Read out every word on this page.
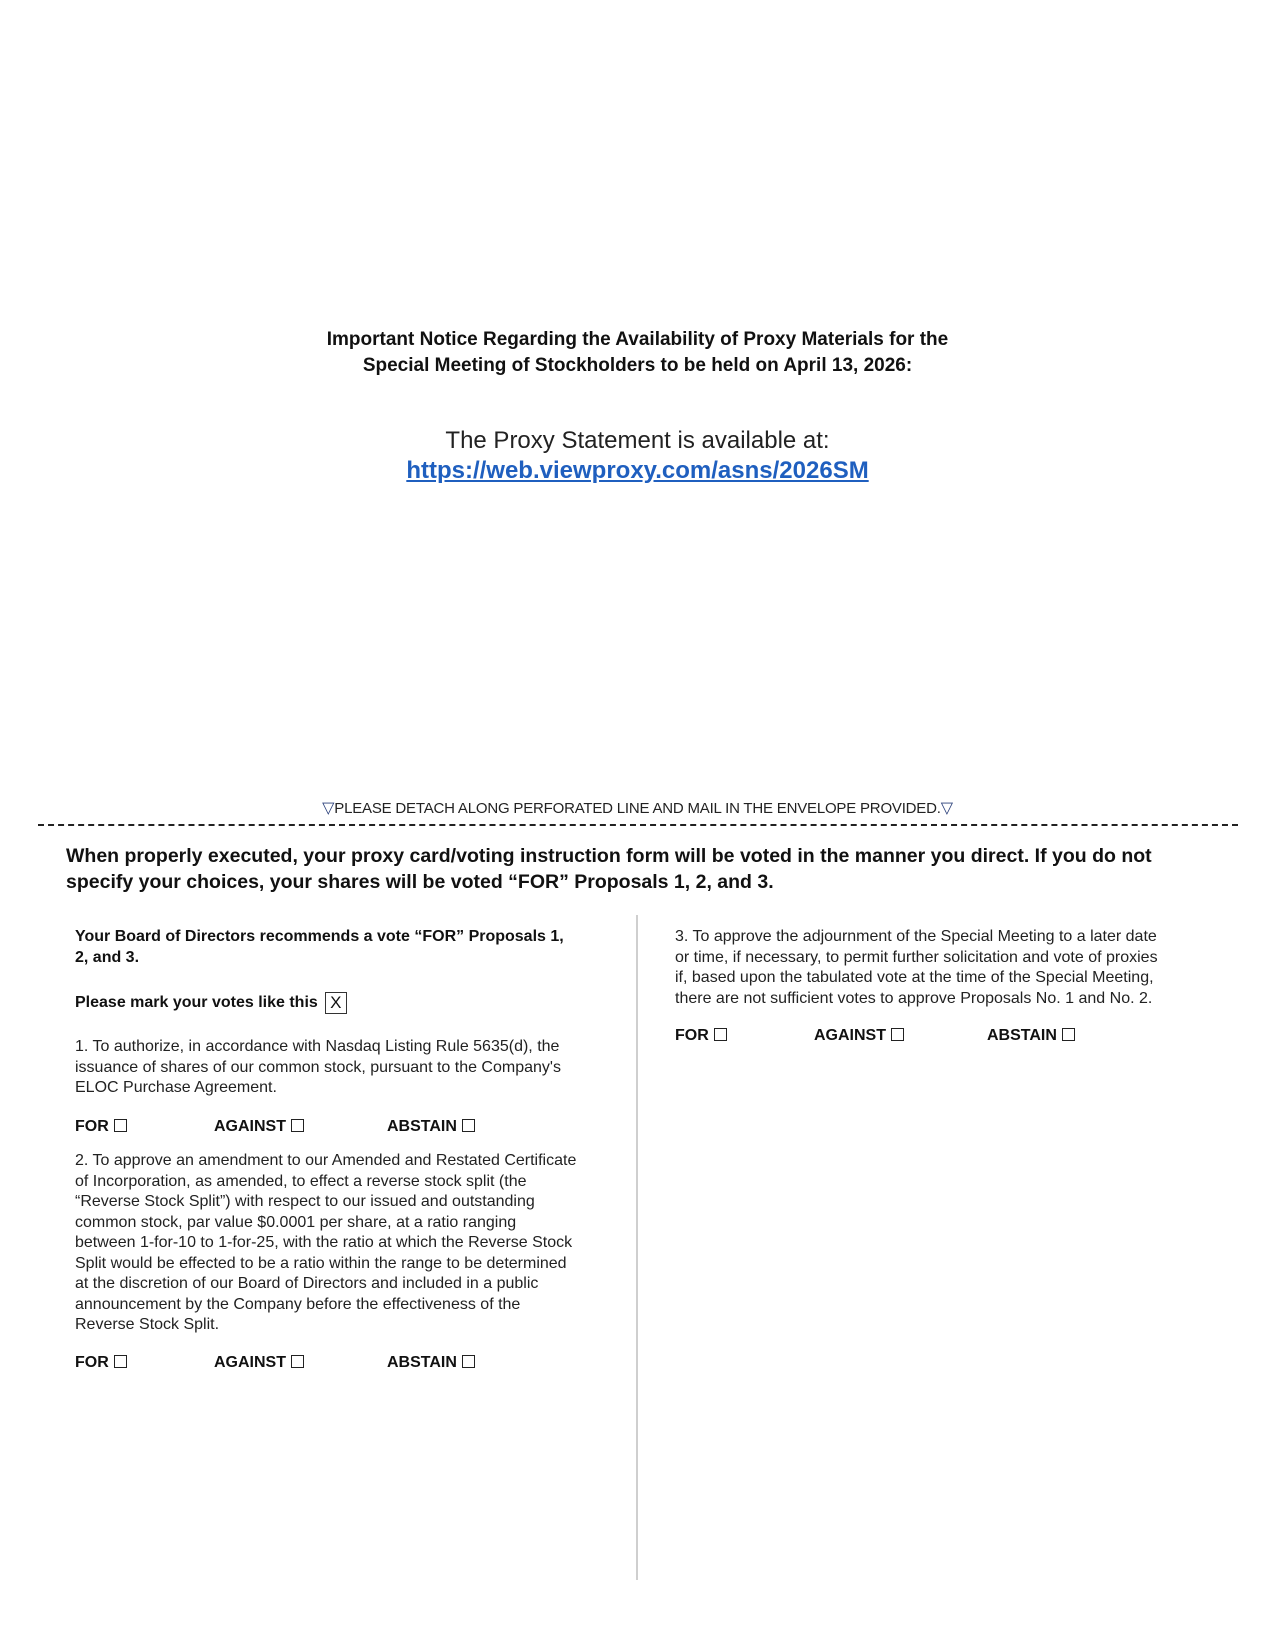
Important Notice Regarding the Availability of Proxy Materials for the
Special Meeting of Stockholders to be held on April 13, 2026:
The Proxy Statement is available at:
https://web.viewproxy.com/asns/2026SM
▽PLEASE DETACH ALONG PERFORATED LINE AND MAIL IN THE ENVELOPE PROVIDED.▽
When properly executed, your proxy card/voting instruction form will be voted in the manner you direct. If you do not specify your choices, your shares will be voted “FOR” Proposals 1, 2, and 3.
Your Board of Directors recommends a vote “FOR” Proposals 1, 2, and 3.
Please mark your votes like this X
1. To authorize, in accordance with Nasdaq Listing Rule 5635(d), the issuance of shares of our common stock, pursuant to the Company's ELOC Purchase Agreement.
FOR	AGAINST	ABSTAIN
2. To approve an amendment to our Amended and Restated Certificate of Incorporation, as amended, to effect a reverse stock split (the “Reverse Stock Split”) with respect to our issued and outstanding common stock, par value $0.0001 per share, at a ratio ranging between 1-for-10 to 1-for-25, with the ratio at which the Reverse Stock Split would be effected to be a ratio within the range to be determined at the discretion of our Board of Directors and included in a public announcement by the Company before the effectiveness of the Reverse Stock Split.
FOR	AGAINST	ABSTAIN
3. To approve the adjournment of the Special Meeting to a later date or time, if necessary, to permit further solicitation and vote of proxies if, based upon the tabulated vote at the time of the Special Meeting, there are not sufficient votes to approve Proposals No. 1 and No. 2.
FOR	AGAINST	ABSTAIN
